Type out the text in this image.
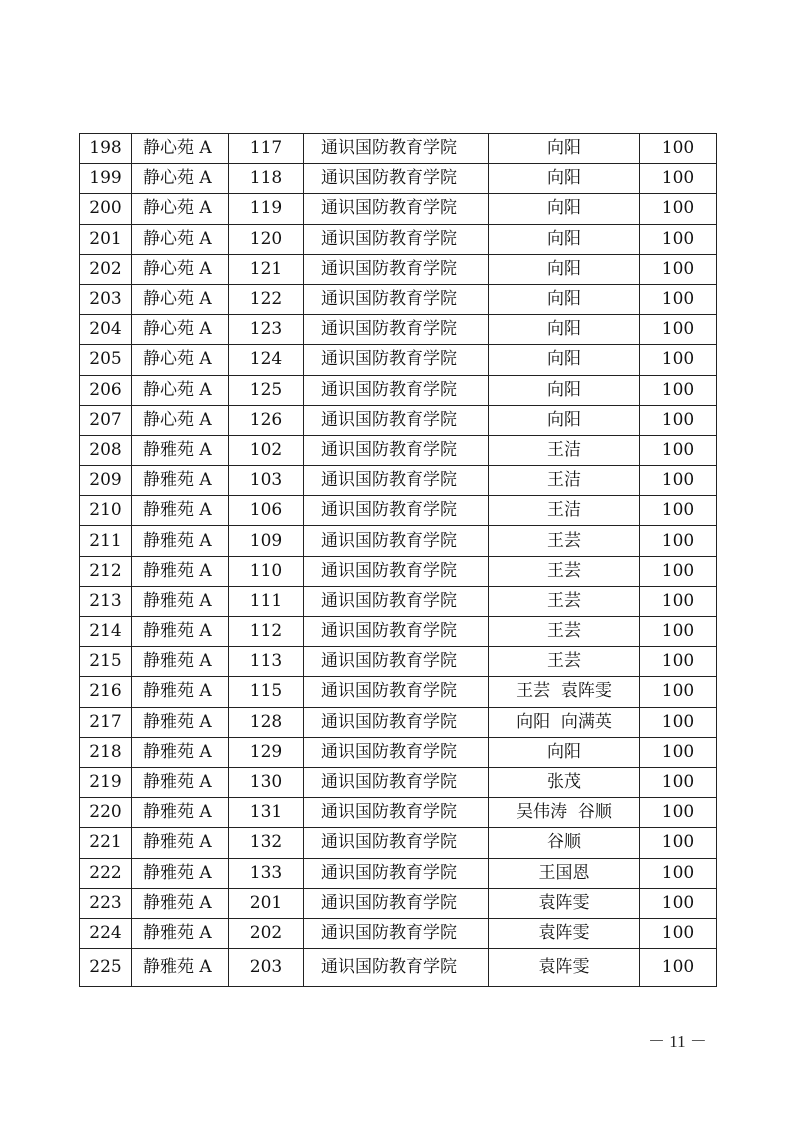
198	静心苑 A	117	通识国防教育学院	向阳	100
199	静心苑 A	118	通识国防教育学院	向阳	100
200	静心苑 A	119	通识国防教育学院	向阳	100
201	静心苑 A	120	通识国防教育学院	向阳	100
202	静心苑 A	121	通识国防教育学院	向阳	100
203	静心苑 A	122	通识国防教育学院	向阳	100
204	静心苑 A	123	通识国防教育学院	向阳	100
205	静心苑 A	124	通识国防教育学院	向阳	100
206	静心苑 A	125	通识国防教育学院	向阳	100
207	静心苑 A	126	通识国防教育学院	向阳	100
208	静雅苑 A	102	通识国防教育学院	王洁	100
209	静雅苑 A	103	通识国防教育学院	王洁	100
210	静雅苑 A	106	通识国防教育学院	王洁	100
211	静雅苑 A	109	通识国防教育学院	王芸	100
212	静雅苑 A	110	通识国防教育学院	王芸	100
213	静雅苑 A	111	通识国防教育学院	王芸	100
214	静雅苑 A	112	通识国防教育学院	王芸	100
215	静雅苑 A	113	通识国防教育学院	王芸	100
216	静雅苑 A	115	通识国防教育学院	王芸  袁阵雯	100
217	静雅苑 A	128	通识国防教育学院	向阳  向满英	100
218	静雅苑 A	129	通识国防教育学院	向阳	100
219	静雅苑 A	130	通识国防教育学院	张茂	100
220	静雅苑 A	131	通识国防教育学院	吴伟涛  谷顺	100
221	静雅苑 A	132	通识国防教育学院	谷顺	100
222	静雅苑 A	133	通识国防教育学院	王国恩	100
223	静雅苑 A	201	通识国防教育学院	袁阵雯	100
224	静雅苑 A	202	通识国防教育学院	袁阵雯	100
225	静雅苑 A	203	通识国防教育学院	袁阵雯	100
－ 11 －
